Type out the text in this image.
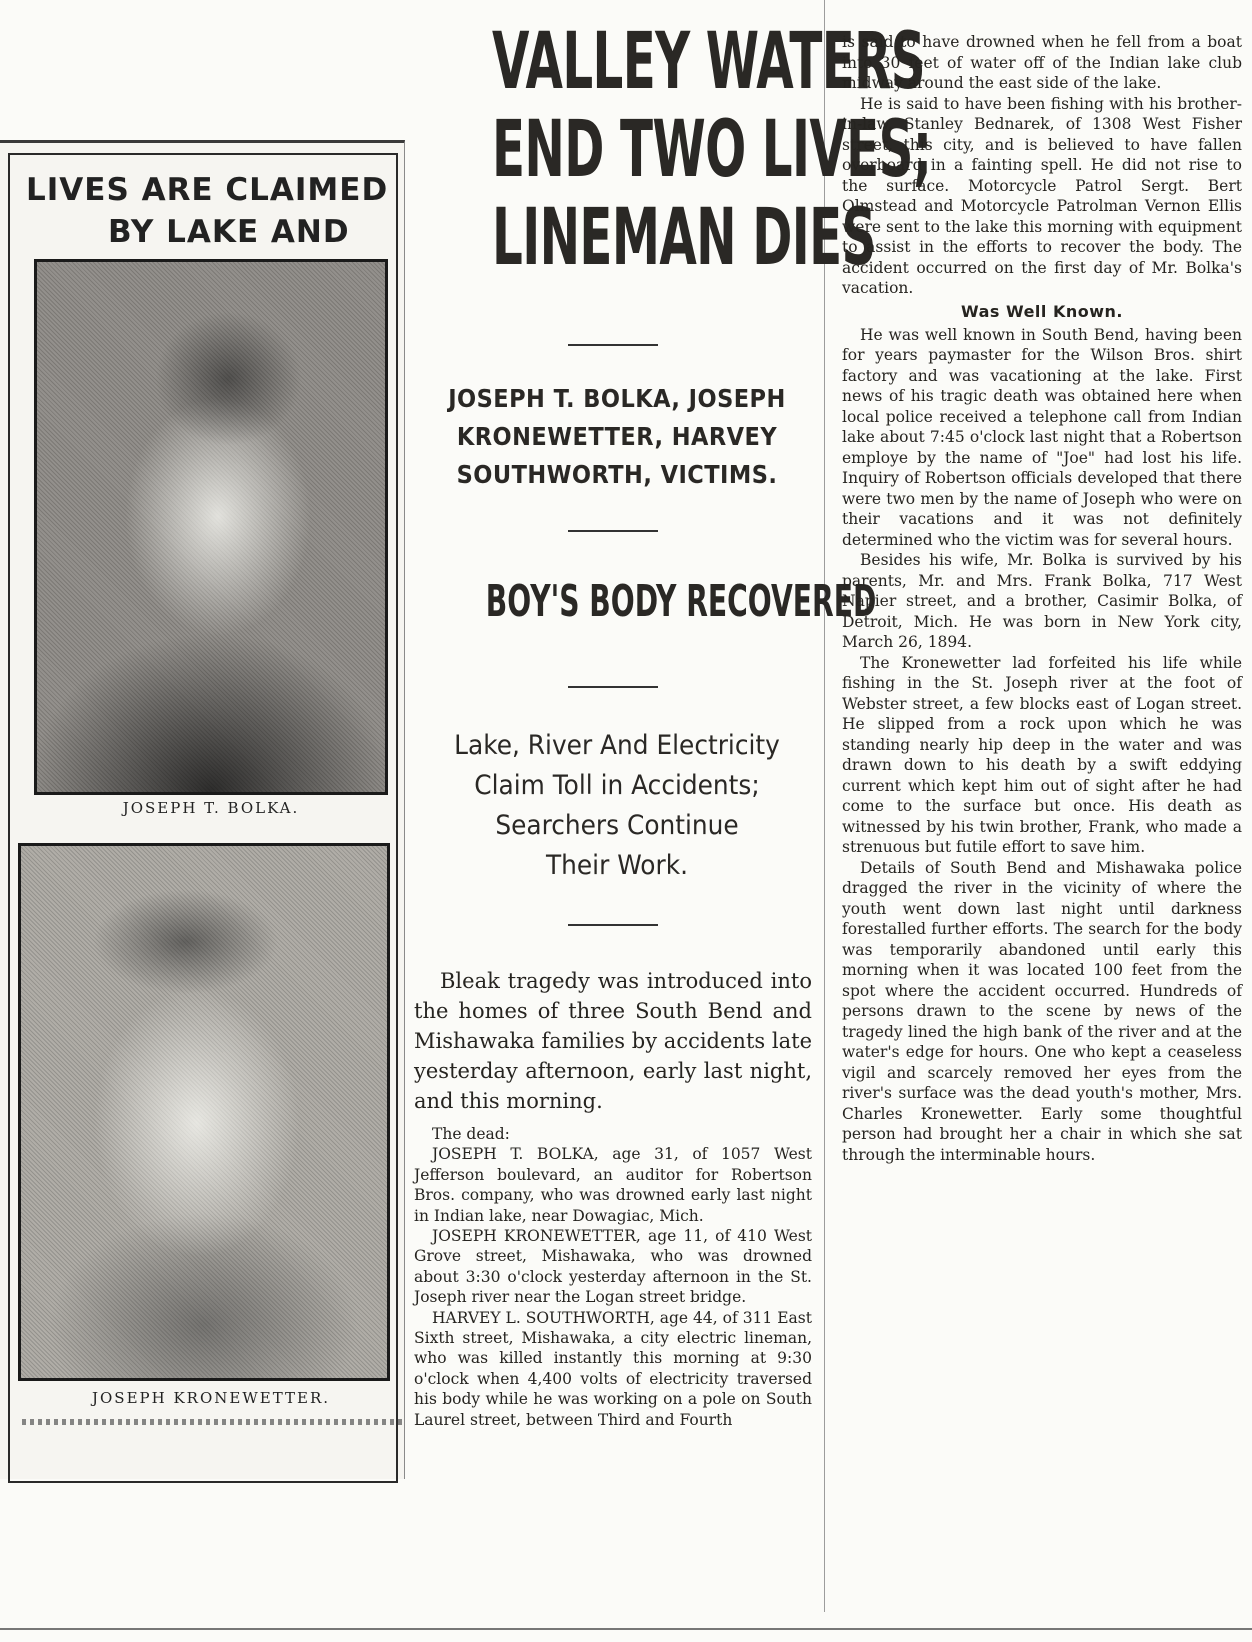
LIVES ARE CLAIMED
BY LAKE AND
JOSEPH T. BOLKA.
JOSEPH KRONEWETTER.
VALLEY WATERS
END TWO LIVES;
LINEMAN DIES
JOSEPH T. BOLKA, JOSEPH
KRONEWETTER, HARVEY
SOUTHWORTH, VICTIMS.
BOY'S BODY RECOVERED
Lake, River And Electricity
Claim Toll in Accidents;
Searchers Continue
Their Work.

Bleak tragedy was introduced into the homes of three South Bend and Mishawaka families by accidents late yesterday afternoon, early last night, and this morning.

The dead:

JOSEPH T. BOLKA, age 31, of 1057 West Jefferson boulevard, an auditor for Robertson Bros. company, who was drowned early last night in Indian lake, near Dowagiac, Mich.

JOSEPH KRONEWETTER, age 11, of 410 West Grove street, Mishawaka, who was drowned about 3:30 o'clock yesterday afternoon in the St. Joseph river near the Logan street bridge.

HARVEY L. SOUTHWORTH, age 44, of 311 East Sixth street, Mishawaka, a city electric lineman, who was killed instantly this morning at 9:30 o'clock when 4,400 volts of electricity traversed his body while he was working on a pole on South Laurel street, between Third and Fourth

is said to have drowned when he fell from a boat into 30 feet of water off of the Indian lake club midway around the east side of the lake.

He is said to have been fishing with his brother-in-law, Stanley Bednarek, of 1308 West Fisher street, this city, and is believed to have fallen overboard in a fainting spell. He did not rise to the surface. Motorcycle Patrol Sergt. Bert Olmstead and Motorcycle Patrolman Vernon Ellis were sent to the lake this morning with equipment to assist in the efforts to recover the body. The accident occurred on the first day of Mr. Bolka's vacation.

Was Well Known.

He was well known in South Bend, having been for years paymaster for the Wilson Bros. shirt factory and was vacationing at the lake. First news of his tragic death was obtained here when local police received a telephone call from Indian lake about 7:45 o'clock last night that a Robertson employe by the name of "Joe" had lost his life. Inquiry of Robertson officials developed that there were two men by the name of Joseph who were on their vacations and it was not definitely determined who the victim was for several hours.

Besides his wife, Mr. Bolka is survived by his parents, Mr. and Mrs. Frank Bolka, 717 West Napier street, and a brother, Casimir Bolka, of Detroit, Mich. He was born in New York city, March 26, 1894.

The Kronewetter lad forfeited his life while fishing in the St. Joseph river at the foot of Webster street, a few blocks east of Logan street. He slipped from a rock upon which he was standing nearly hip deep in the water and was drawn down to his death by a swift eddying current which kept him out of sight after he had come to the surface but once. His death as witnessed by his twin brother, Frank, who made a strenuous but futile effort to save him.

Details of South Bend and Mishawaka police dragged the river in the vicinity of where the youth went down last night until darkness forestalled further efforts. The search for the body was temporarily abandoned until early this morning when it was located 100 feet from the spot where the accident occurred. Hundreds of persons drawn to the scene by news of the tragedy lined the high bank of the river and at the water's edge for hours. One who kept a ceaseless vigil and scarcely removed her eyes from the river's surface was the dead youth's mother, Mrs. Charles Kronewetter. Early some thoughtful person had brought her a chair in which she sat through the interminable hours.
